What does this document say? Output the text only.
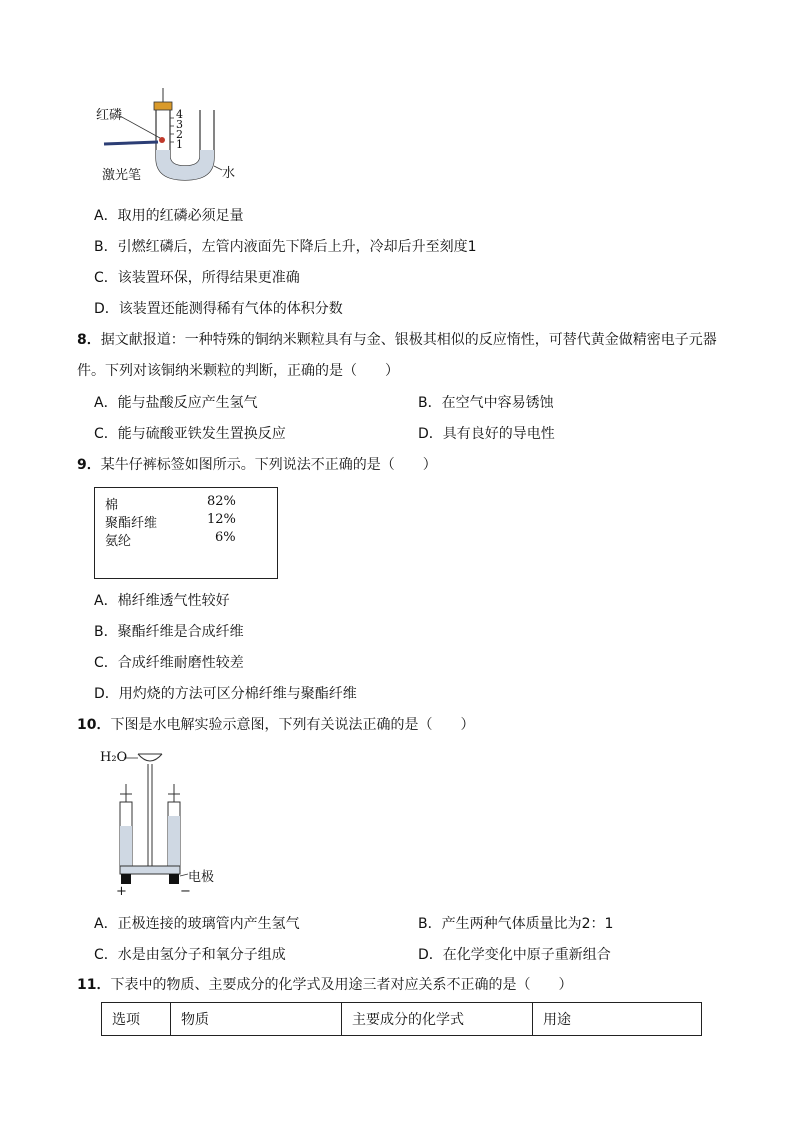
红磷
激光笔	水
4
3
2
1
A．取用的红磷必须足量
B．引燃红磷后，左管内液面先下降后上升，冷却后升至刻度1
C．该装置环保，所得结果更准确
D．该装置还能测得稀有气体的体积分数
8．据文献报道：一种特殊的铜纳米颗粒具有与金、银极其相似的反应惰性，可替代黄金做精密电子元器
件。下列对该铜纳米颗粒的判断，正确的是（　　）
A．能与盐酸反应产生氢气	B．在空气中容易锈蚀
C．能与硫酸亚铁发生置换反应	D．具有良好的导电性
9．某牛仔裤标签如图所示。下列说法不正确的是（　　）
棉	82%
聚酯纤维	12%
氨纶	6%
A．棉纤维透气性较好
B．聚酯纤维是合成纤维
C．合成纤维耐磨性较差
D．用灼烧的方法可区分棉纤维与聚酯纤维
10．下图是水电解实验示意图，下列有关说法正确的是（　　）
H₂O
电极
+	−
A．正极连接的玻璃管内产生氢气	B．产生两种气体质量比为2：1
C．水是由氢分子和氧分子组成	D．在化学变化中原子重新组合
11．下表中的物质、主要成分的化学式及用途三者对应关系不正确的是（　　）
选项	物质	主要成分的化学式	用途
